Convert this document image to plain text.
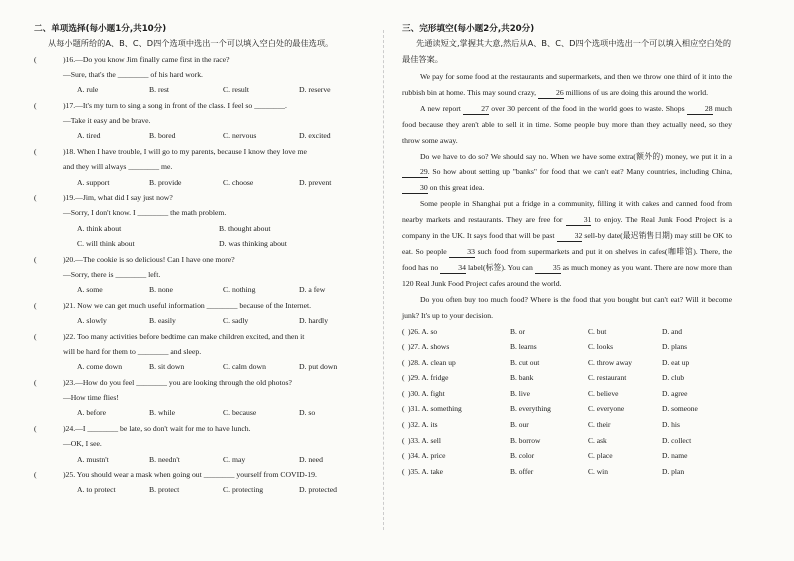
二、单项选择(每小题1分,共10分)
从每小题所给的A、B、C、D四个选项中选出一个可以填入空白处的最佳选项。
(	)16.—Do you know Jim finally came first in the race?
—Sure, that's the ________ of his hard work.
A. rule	B. rest	C. result	D. reserve
(	)17.—It's my turn to sing a song in front of the class. I feel so ________.
—Take it easy and be brave.
A. tired	B. bored	C. nervous	D. excited
(	)18. When I have trouble, I will go to my parents, because I know they love me
and they will always ________ me.
A. support	B. provide	C. choose	D. prevent
(	)19.—Jim, what did I say just now?
—Sorry, I don't know. I ________ the math problem.
A. think about	B. thought about
C. will think about	D. was thinking about
(	)20.—The cookie is so delicious! Can I have one more?
—Sorry, there is ________ left.
A. some	B. none	C. nothing	D. a few
(	)21. Now we can get much useful information ________ because of the Internet.
A. slowly	B. easily	C. sadly	D. hardly
(	)22. Too many activities before bedtime can make children excited, and then it
will be hard for them to ________ and sleep.
A. come down	B. sit down	C. calm down	D. put down
(	)23.—How do you feel ________ you are looking through the old photos?
—How time flies!
A. before	B. while	C. because	D. so
(	)24.—I ________ be late, so don't wait for me to have lunch.
—OK, I see.
A. mustn't	B. needn't	C. may	D. need
(	)25. You should wear a mask when going out ________ yourself from COVID-19.
A. to protect	B. protect	C. protecting	D. protected
三、完形填空(每小题2分,共20分)
先通读短文,掌握其大意,然后从A、B、C、D四个选项中选出一个可以填入相应空白处的最佳答案。

We pay for some food at the restaurants and supermarkets, and then we throw one third of it into the rubbish bin at home. This may sound crazy, 26 millions of us are doing this around the world.

A new report 27 over 30 percent of the food in the world goes to waste. Shops 28 much food because they aren't able to sell it in time. Some people buy more than they actually need, so they throw some away.

Do we have to do so? We should say no. When we have some extra(额外的) money, we put it in a 29. So how about setting up "banks" for food that we can't eat? Many countries, including China, 30 on this great idea.

Some people in Shanghai put a fridge in a community, filling it with cakes and canned food from nearby markets and restaurants. They are free for 31 to enjoy. The Real Junk Food Project is a company in the UK. It says food that will be past 32 sell-by date(最迟销售日期) may still be OK to eat. So people 33 such food from supermarkets and put it on shelves in cafes(咖啡馆). There, the food has no 34 label(标签). You can 35 as much money as you want. There are now more than 120 Real Junk Food Project cafes around the world.

Do you often buy too much food? Where is the food that you bought but can't eat? Will it become junk? It's up to your decision.

( )26. A. so	B. or	C. but	D. and
( )27. A. shows	B. learns	C. looks	D. plans
( )28. A. clean up	B. cut out	C. throw away	D. eat up
( )29. A. fridge	B. bank	C. restaurant	D. club
( )30. A. fight	B. live	C. believe	D. agree
( )31. A. something	B. everything	C. everyone	D. someone
( )32. A. its	B. our	C. their	D. his
( )33. A. sell	B. borrow	C. ask	D. collect
( )34. A. price	B. color	C. place	D. name
( )35. A. take	B. offer	C. win	D. plan
